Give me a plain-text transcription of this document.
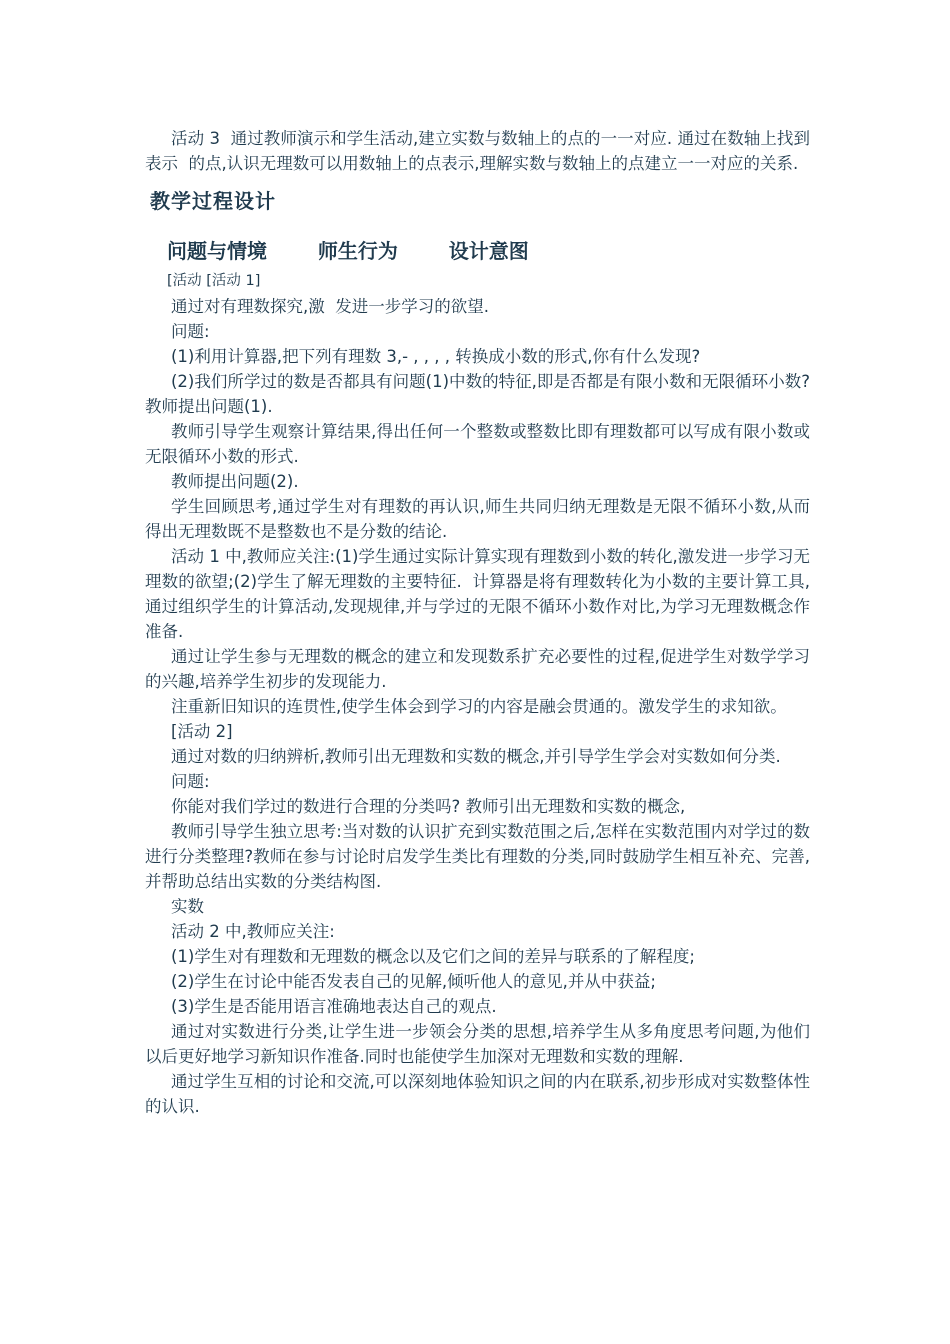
活动 3  通过教师演示和学生活动,建立实数与数轴上的点的一一对应. 通过在数轴上找到表示  的点,认识无理数可以用数轴上的点表示,理解实数与数轴上的点建立一一对应的关系.

教学过程设计
问题与情境   师生行为   设计意图

[活动 [活动 1]

通过对有理数探究,激  发进一步学习的欲望.

问题:

(1)利用计算器,把下列有理数 3,- , , , , 转换成小数的形式,你有什么发现?

(2)我们所学过的数是否都具有问题(1)中数的特征,即是否都是有限小数和无限循环小数? 教师提出问题(1).

教师引导学生观察计算结果,得出任何一个整数或整数比即有理数都可以写成有限小数或无限循环小数的形式.

教师提出问题(2).

学生回顾思考,通过学生对有理数的再认识,师生共同归纳无理数是无限不循环小数,从而得出无理数既不是整数也不是分数的结论.

活动 1 中,教师应关注:(1)学生通过实际计算实现有理数到小数的转化,激发进一步学习无理数的欲望;(2)学生了解无理数的主要特征.  计算器是将有理数转化为小数的主要计算工具,通过组织学生的计算活动,发现规律,并与学过的无限不循环小数作对比,为学习无理数概念作准备.

通过让学生参与无理数的概念的建立和发现数系扩充必要性的过程,促进学生对数学学习的兴趣,培养学生初步的发现能力.

注重新旧知识的连贯性,使学生体会到学习的内容是融会贯通的。激发学生的求知欲。

[活动 2]

通过对数的归纳辨析,教师引出无理数和实数的概念,并引导学生学会对实数如何分类.

问题:

你能对我们学过的数进行合理的分类吗? 教师引出无理数和实数的概念,

教师引导学生独立思考:当对数的认识扩充到实数范围之后,怎样在实数范围内对学过的数进行分类整理?教师在参与讨论时启发学生类比有理数的分类,同时鼓励学生相互补充、完善,并帮助总结出实数的分类结构图.

实数

活动 2 中,教师应关注:

(1)学生对有理数和无理数的概念以及它们之间的差异与联系的了解程度;

(2)学生在讨论中能否发表自己的见解,倾听他人的意见,并从中获益;

(3)学生是否能用语言准确地表达自己的观点.

通过对实数进行分类,让学生进一步领会分类的思想,培养学生从多角度思考问题,为他们以后更好地学习新知识作准备.同时也能使学生加深对无理数和实数的理解.

通过学生互相的讨论和交流,可以深刻地体验知识之间的内在联系,初步形成对实数整体性的认识.
